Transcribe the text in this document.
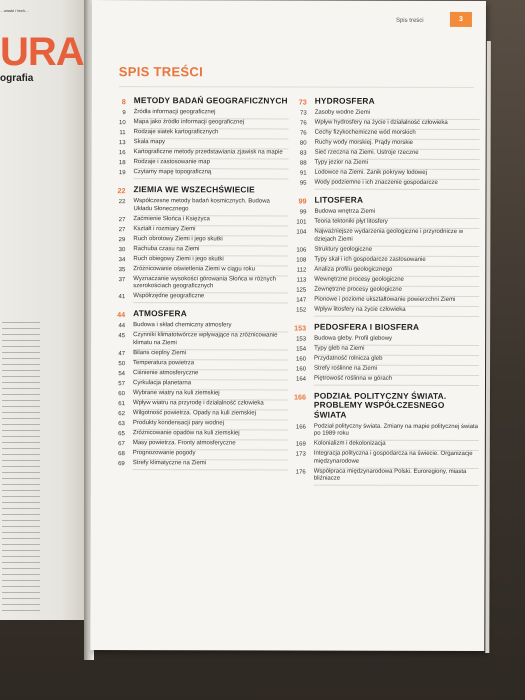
…owski / tech…
URA
ografia
Spis treści	3
SPIS TREŚCI
8 METODY BADAŃ GEOGRAFICZNYCH
9	Źródła informacji geograficznej
10	Mapa jako źródło informacji geograficznej
11	Rodzaje siatek kartograficznych
13	Skala mapy
16	Kartograficzne metody przedstawiania zjawisk na mapie
18	Rodzaje i zastosowanie map
19	Czytamy mapę topograficzną
22 ZIEMIA WE WSZECHŚWIECIE
22	Współczesne metody badań kosmicznych. Budowa Układu Słonecznego
27	Zaćmienie Słońca i Księżyca
27	Kształt i rozmiary Ziemi
29	Ruch obrotowy Ziemi i jego skutki
30	Rachuba czasu na Ziemi
34	Ruch obiegowy Ziemi i jego skutki
35	Zróżnicowanie oświetlenia Ziemi w ciągu roku
37	Wyznaczanie wysokości górowania Słońca w różnych szerokościach geograficznych
41	Współrzędne geograficzne
44 ATMOSFERA
44	Budowa i skład chemiczny atmosfery
45	Czynniki klimatotwórcze wpływające na zróżnicowanie klimatu na Ziemi
47	Bilans cieplny Ziemi
50	Temperatura powietrza
54	Ciśnienie atmosferyczne
57	Cyrkulacja planetarna
60	Wybrane wiatry na kuli ziemskiej
61	Wpływ wiatru na przyrodę i działalność człowieka
62	Wilgotność powietrza. Opady na kuli ziemskiej
63	Produkty kondensacji pary wodnej
65	Zróżnicowanie opadów na kuli ziemskiej
67	Masy powietrza. Fronty atmosferyczne
68	Prognozowanie pogody
69	Strefy klimatyczne na Ziemi
73 HYDROSFERA
73	Zasoby wodne Ziemi
76	Wpływ hydrosfery na życie i działalność człowieka
76	Cechy fizykochemiczne wód morskich
80	Ruchy wody morskiej. Prądy morskie
83	Sieć rzeczna na Ziemi. Ustroje rzeczne
88	Typy jezior na Ziemi
91	Lodowce na Ziemi. Zanik pokrywy lodowej
95	Wody podziemne i ich znaczenie gospodarcze
99 LITOSFERA
99	Budowa wnętrza Ziemi
101	Teoria tektoniki płyt litosfery
104	Najważniejsze wydarzenia geologiczne i przyrodnicze w dziejach Ziemi
106	Struktury geologiczne
108	Typy skał i ich gospodarcze zastosowanie
112	Analiza profilu geologicznego
113	Wewnętrzne procesy geologiczne
125	Zewnętrzne procesy geologiczne
147	Pionowe i poziome ukształtowanie powierzchni Ziemi
152	Wpływ litosfery na życie człowieka
153 PEDOSFERA I BIOSFERA
153	Budowa gleby. Profil glebowy
154	Typy gleb na Ziemi
160	Przydatność rolnicza gleb
160	Strefy roślinne na Ziemi
164	Piętrowość roślinna w górach
166 PODZIAŁ POLITYCZNY ŚWIATA. PROBLEMY WSPÓŁCZESNEGO ŚWIATA
166	Podział polityczny świata. Zmiany na mapie politycznej świata po 1989 roku
169	Kolonializm i dekolonizacja
173	Integracja polityczna i gospodarcza na świecie. Organizacje międzynarodowe
176	Współpraca międzynarodowa Polski. Euroregiony, miasta bliźniacze
